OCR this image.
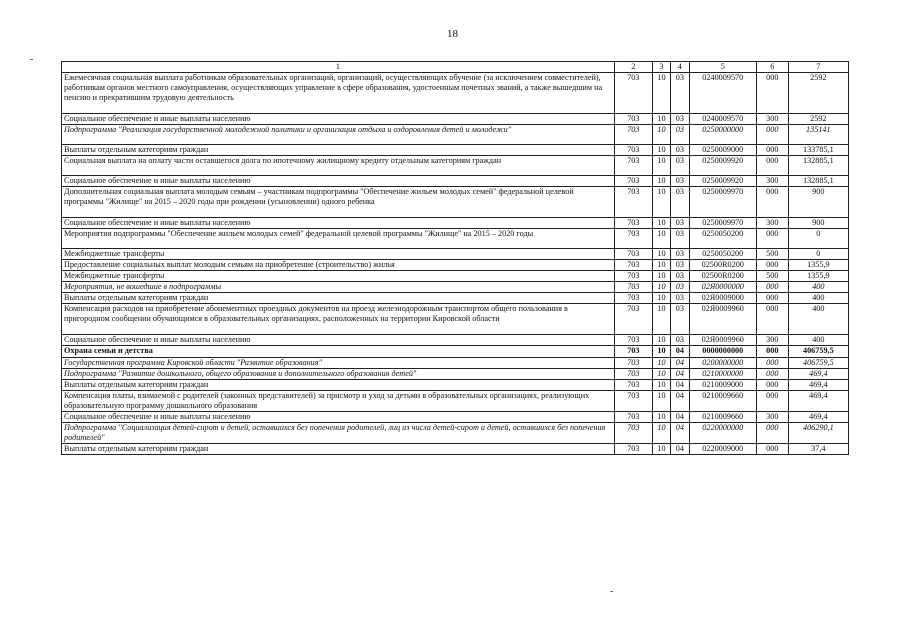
18
-
-
1	2	3	4	5	6	7
Ежемесячная социальная выплата работникам образовательных организаций, организаций, осуществляющих обучение (за исключением совместителей), работникам органов местного самоуправления, осуществляющих управление в сфере образования, удостоенным почетных званий, а также вышедшим на пенсию и прекратившим трудовую деятельность	703	10	03	0240009570	000	2592
Социальное обеспечение и иные выплаты населению	703	10	03	0240009570	300	2592
Подпрограмма "Реализация государственной молодежной политики и организация отдыха и оздоровления детей и молодежи"	703	10	03	0250000000	000	135141
Выплаты отдельным категориям граждан	703	10	03	0250009000	000	133785,1
Социальная выплата на оплату части оставшегося долга по ипотечному жилищному кредиту отдельным категориям граждан	703	10	03	0250009920	000	132885,1
Социальное обеспечение и иные выплаты населению	703	10	03	0250009920	300	132885,1
Дополнительная социальная выплата молодым семьям – участникам подпрограммы "Обеспечение жильем молодых семей" федеральной целевой программы "Жилище" на 2015 – 2020 годы при рождении (усыновлении) одного ребенка	703	10	03	0250009970	000	900
Социальное обеспечение и иные выплаты населению	703	10	03	0250009970	300	900
Мероприятия подпрограммы "Обеспечение жильем молодых семей" федеральной целевой программы "Жилище" на 2015 – 2020 годы	703	10	03	0250050200	000	0
Межбюджетные трансферты	703	10	03	0250050200	500	0
Предоставление социальных выплат молодым семьям на приобретение (строительство) жилья	703	10	03	02500R0200	000	1355,9
Межбюджетные трансферты	703	10	03	02500R0200	500	1355,9
Мероприятия, не вошедшие в подпрограммы	703	10	03	02Я0000000	000	400
Выплаты отдельным категориям граждан	703	10	03	02Я0009000	000	400
Компенсация расходов на приобретение абонементных проездных документов на проезд железнодорожным транспортом общего пользования в пригородном сообщении обучающимся в образовательных организациях, расположенных на территории Кировской области	703	10	03	02Я0009960	000	400
Социальное обеспечение и иные выплаты населению	703	10	03	02Я0009960	300	400
Охрана семьи и детства	703	10	04	0000000000	000	406759,5
Государственная программа Кировской области "Развитие образования"	703	10	04	0200000000	000	406759,5
Подпрограмма "Развитие дошкольного, общего образования и дополнительного образования детей"	703	10	04	0210000000	000	469,4
Выплаты отдельным категориям граждан	703	10	04	0210009000	000	469,4
Компенсация платы, взимаемой с родителей (законных представителей) за присмотр и уход за детьми в образовательных организациях, реализующих образовательную программу дошкольного образования	703	10	04	0210009660	000	469,4
Социальное обеспечение и иные выплаты населению	703	10	04	0210009660	300	469,4
Подпрограмма "Социализация детей-сирот и детей, оставшихся без попечения родителей, лиц из числа детей-сирот и детей, оставшихся без попечения родителей"	703	10	04	0220000000	000	406290,1
Выплаты отдельным категориям граждан	703	10	04	0220009000	000	37,4
